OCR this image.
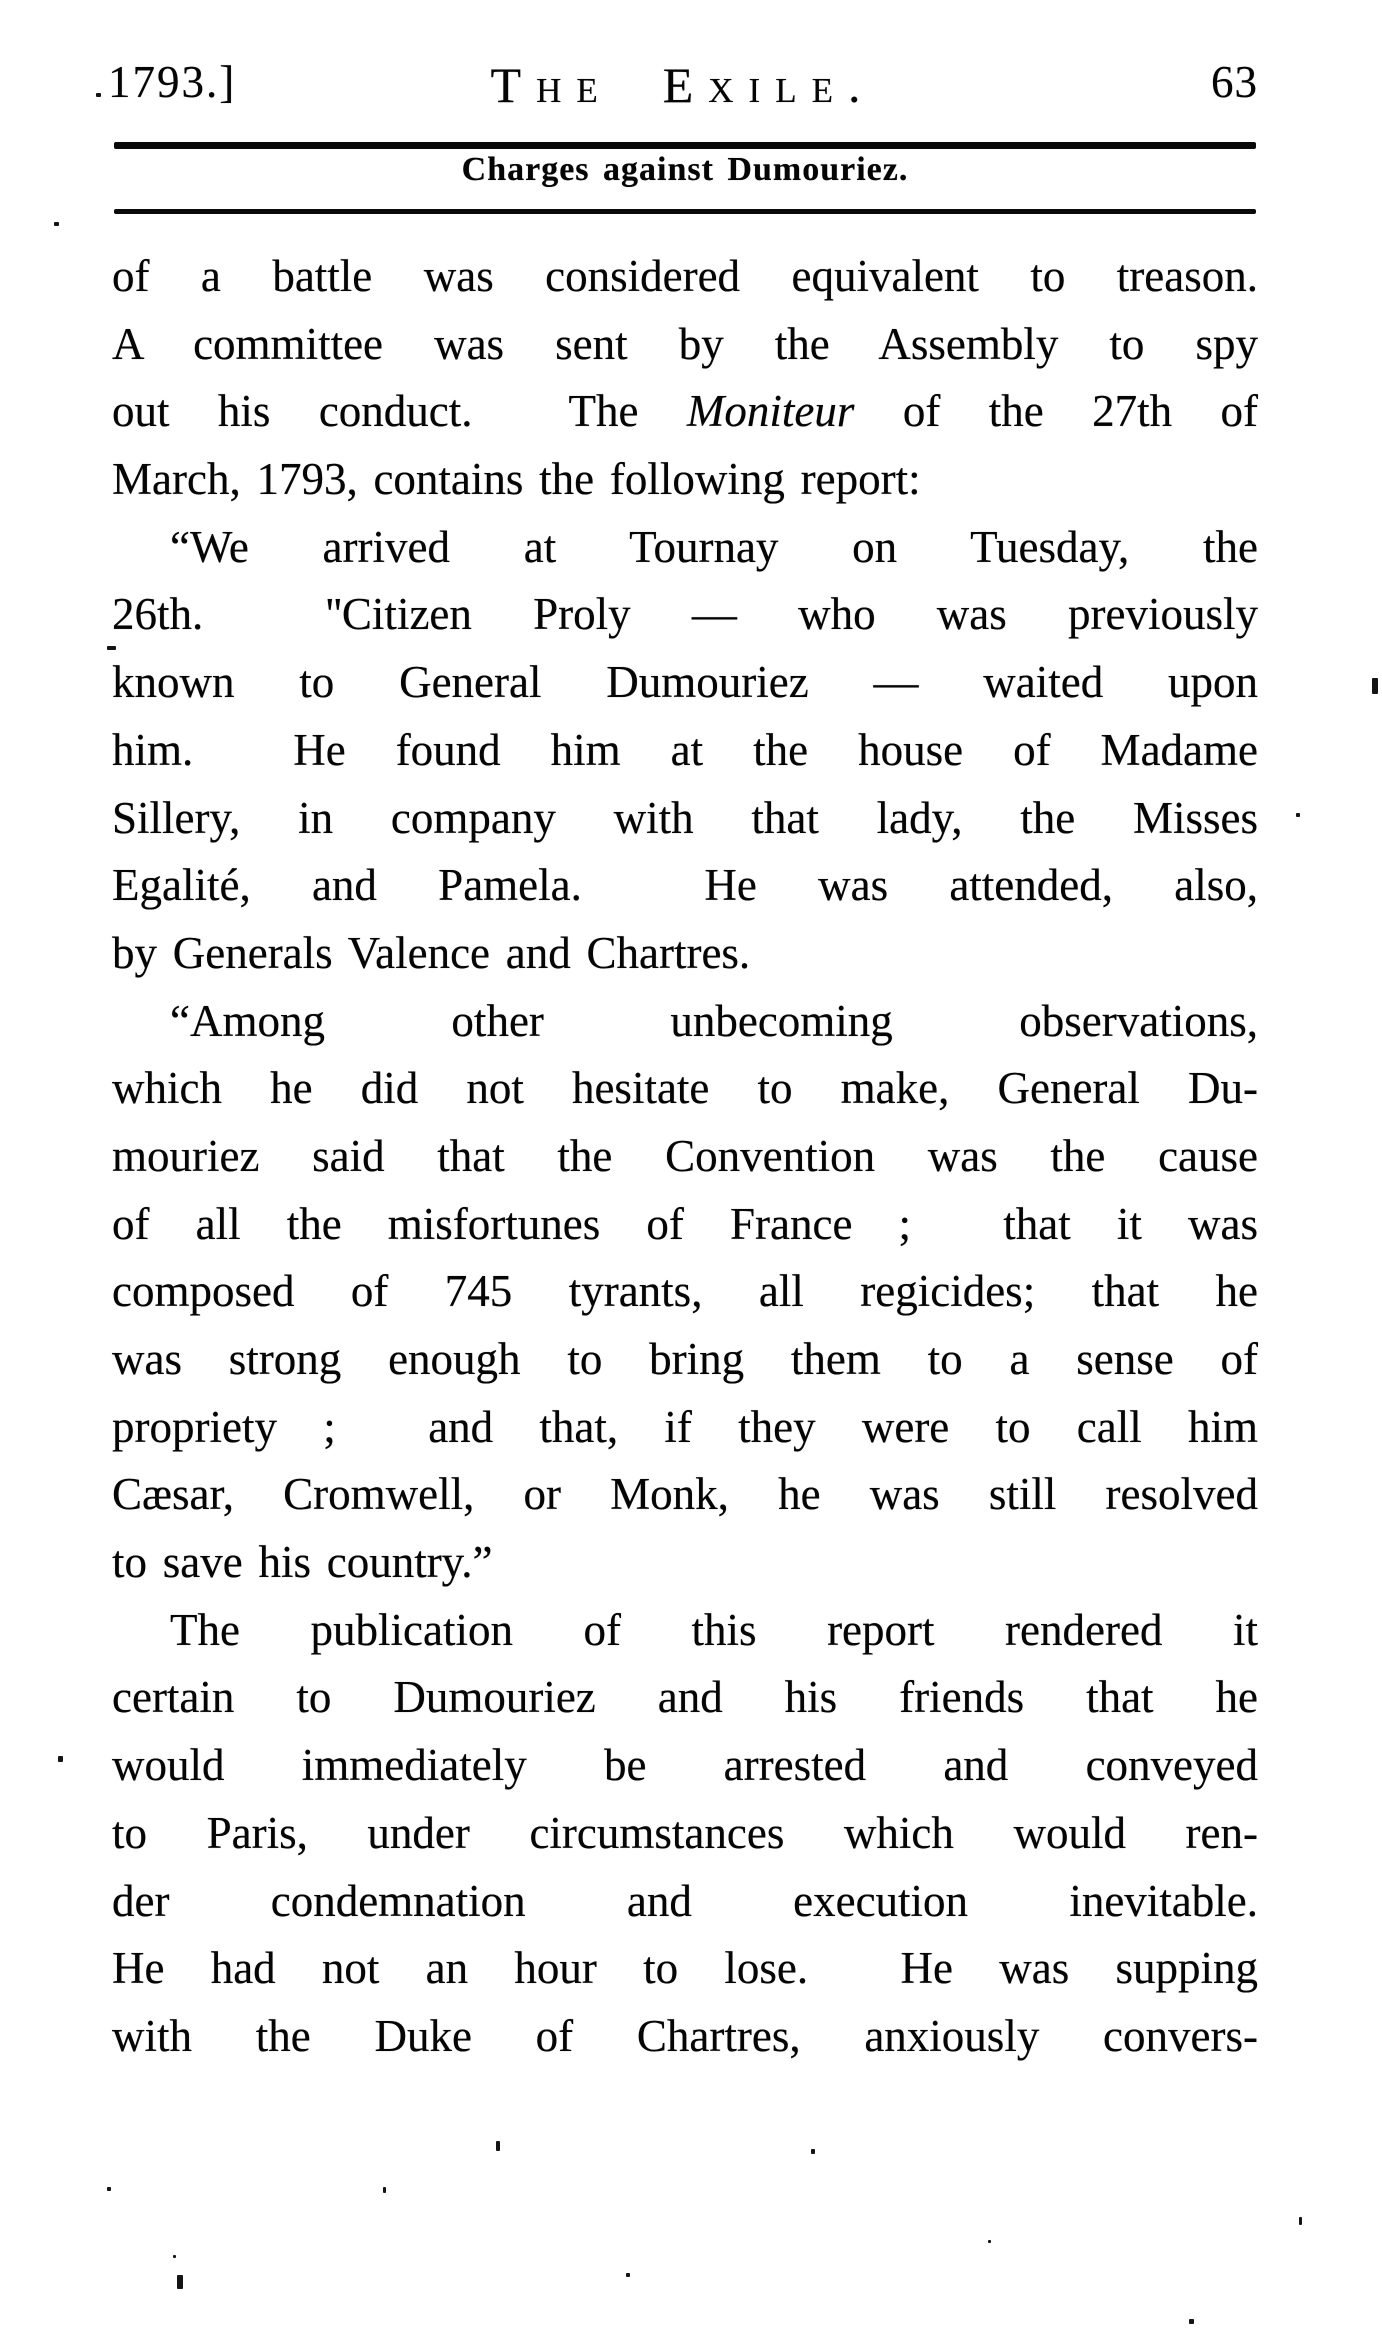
1793.]	The Exile.	63
Charges against Dumouriez.
of a battle was considered equivalent to treason.
A committee was sent by the Assembly to spy
out his conduct.  The Moniteur of the 27th of
March, 1793, contains the following report:
“We arrived at Tournay on Tuesday, the
26th.  ''Citizen Proly — who was previously
known to General Dumouriez — waited upon
him.  He found him at the house of Madame
Sillery, in company with that lady, the Misses
Egalité, and Pamela.  He was attended, also,
by Generals Valence and Chartres.
“Among other unbecoming observations,
which he did not hesitate to make, General Du-
mouriez said that the Convention was the cause
of all the misfortunes of France ;  that it was
composed of 745 tyrants, all regicides; that he
was strong enough to bring them to a sense of
propriety ;  and that, if they were to call him
Cæsar, Cromwell, or Monk, he was still resolved
to save his country.”
The publication of this report rendered it
certain to Dumouriez and his friends that he
would immediately be arrested and conveyed
to Paris, under circumstances which would ren-
der condemnation and execution inevitable.
He had not an hour to lose.  He was supping
with the Duke of Chartres, anxiously convers-
